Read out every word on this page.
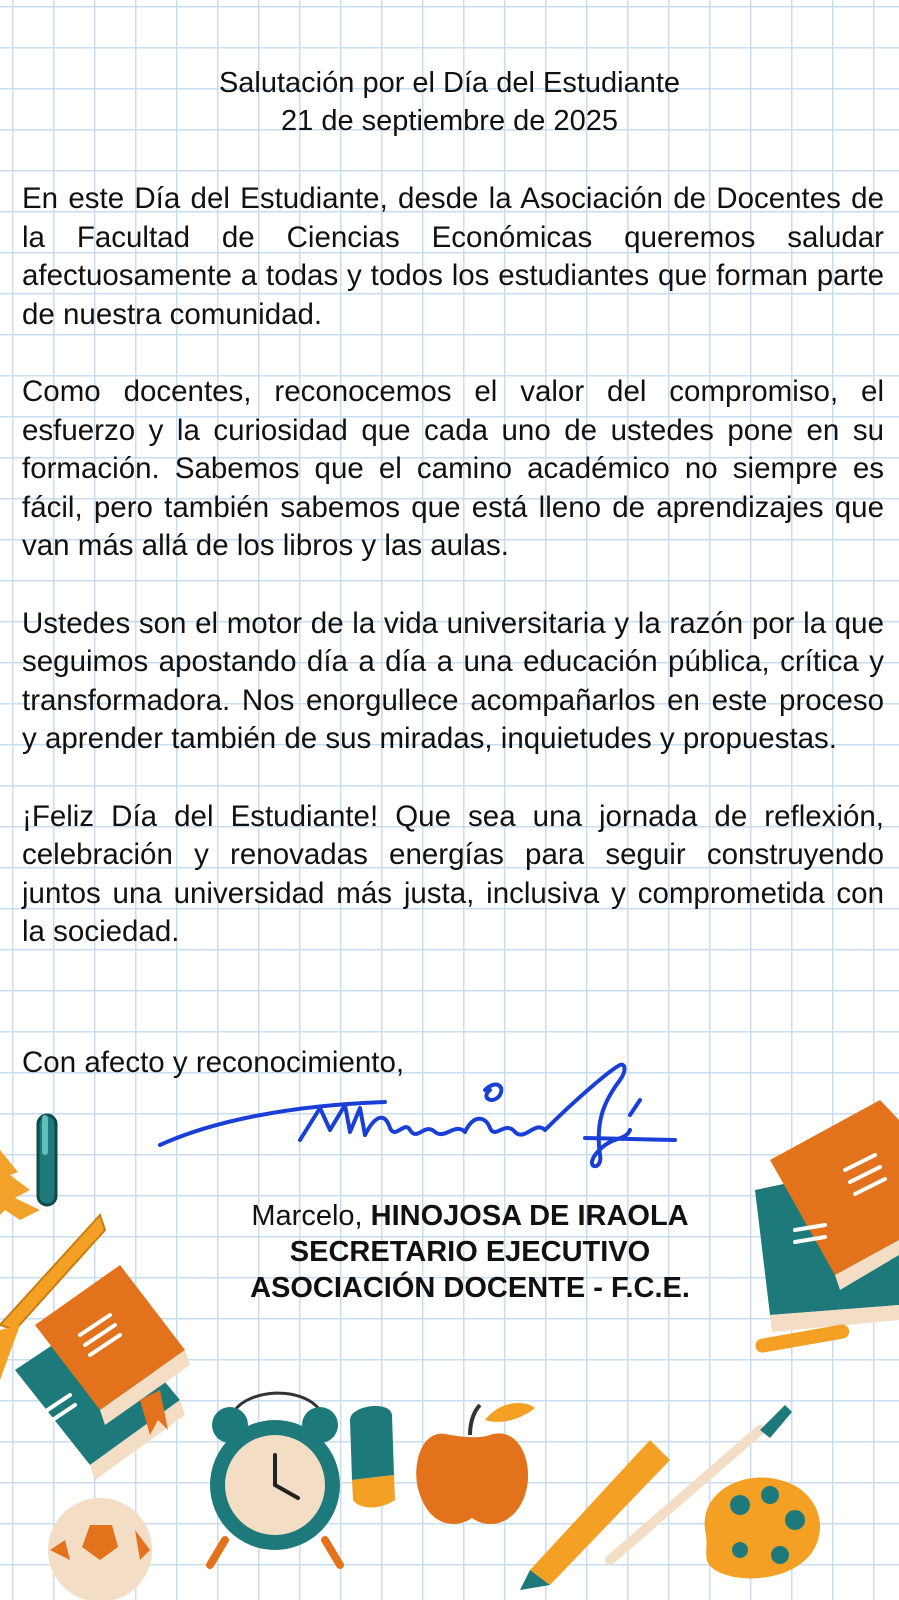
Salutación por el Día del Estudiante
21 de septiembre de 2025

En este Día del Estudiante, desde la Asociación de Docentes de la Facultad de Ciencias Económicas queremos saludar afectuosamente a todas y todos los estudiantes que forman parte de nuestra comunidad.

Como docentes, reconocemos el valor del compromiso, el esfuerzo y la curiosidad que cada uno de ustedes pone en su formación. Sabemos que el camino académico no siempre es fácil, pero también sabemos que está lleno de aprendizajes que van más allá de los libros y las aulas.

Ustedes son el motor de la vida universitaria y la razón por la que seguimos apostando día a día a una educación pública, crítica y transformadora. Nos enorgullece acompañarlos en este proceso y aprender también de sus miradas, inquietudes y propuestas.

¡Feliz Día del Estudiante! Que sea una jornada de reflexión, celebración y renovadas energías para seguir construyendo juntos una universidad más justa, inclusiva y comprometida con la sociedad.

Con afecto y reconocimiento,
Marcelo, HINOJOSA DE IRAOLA
SECRETARIO EJECUTIVO
ASOCIACIÓN DOCENTE - F.C.E.
